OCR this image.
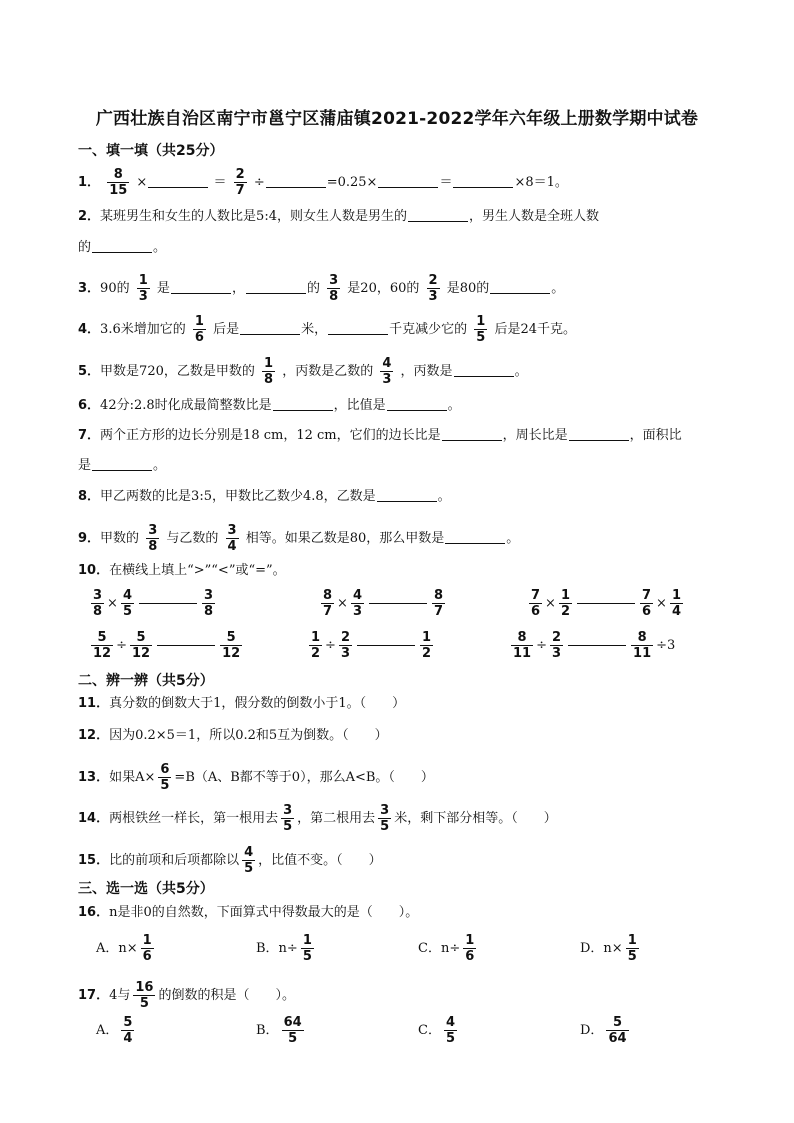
广西壮族自治区南宁市邕宁区蒲庙镇2021-2022学年六年级上册数学期中试卷
一、填一填（共25分）
1． $\frac{8}{15}$ ×	＝ $\frac{2}{7}$ ÷	=0.25×	＝	×8＝1。
2．某班男生和女生的人数比是5:4，则女生人数是男生的	，男生人数是全班人数
的	。
3．90的 $\frac{1}{3}$ 是	，	的 $\frac{3}{8}$ 是20，60的 $\frac{2}{3}$ 是80的	。
4．3.6米增加它的 $\frac{1}{6}$ 后是	米，	千克减少它的 $\frac{1}{5}$ 后是24千克。
5．甲数是720，乙数是甲数的 $\frac{1}{8}$ ，丙数是乙数的 $\frac{4}{3}$ ，丙数是	。
6．42分:2.8时化成最简整数比是	，比值是	。
7．两个正方形的边长分别是18 cm，12 cm，它们的边长比是	，周长比是	，面积比
是	。
8．甲乙两数的比是3:5，甲数比乙数少4.8，乙数是	。
9．甲数的 $\frac{3}{8}$ 与乙数的 $\frac{3}{4}$ 相等。如果乙数是80，那么甲数是	。
10．在横线上填上“>”“<”或“=”。
$\frac{3}{8} \times \frac{4}{5}$	$\frac{3}{8}$	$\frac{8}{7} \times \frac{4}{3}$	$\frac{8}{7}$	$\frac{7}{6} \times \frac{1}{2}$	$\frac{7}{6} \times \frac{1}{4}$
$\frac{5}{12} \div \frac{5}{12}$	$\frac{5}{12}$	$\frac{1}{2} \div \frac{2}{3}$	$\frac{1}{2}$	$\frac{8}{11} \div \frac{2}{3}$	$\frac{8}{11} \div 3$
二、辨一辨（共5分）
11．真分数的倒数大于1，假分数的倒数小于1。（　　）
12．因为0.2×5＝1，所以0.2和5互为倒数。（　　）
13．如果$A\times \frac{6}{5} =B(A$、B都不等于0），那么A<B。（　　）
14．两根铁丝一样长，第一根用去 $\frac{3}{5}$ ，第二根用去 $\frac{3}{5}$ 米，剩下部分相等。（　　）
15．比的前项和后项都除以 $\frac{4}{5}$ ，比值不变。（　　）
三、选一选（共5分）
16．n是非0的自然数，下面算式中得数最大的是（　　）。
A．$n\times \frac{1}{6}$	B．$n\div \frac{1}{5}$	C．$n\div \frac{1}{6}$	D．$n\times \frac{1}{5}$
17．4与 $\frac{16}{5}$ 的倒数的积是（　　）。
A． $\frac{5}{4}$	B． $\frac{64}{5}$	C． $\frac{4}{5}$	D． $\frac{5}{64}$
